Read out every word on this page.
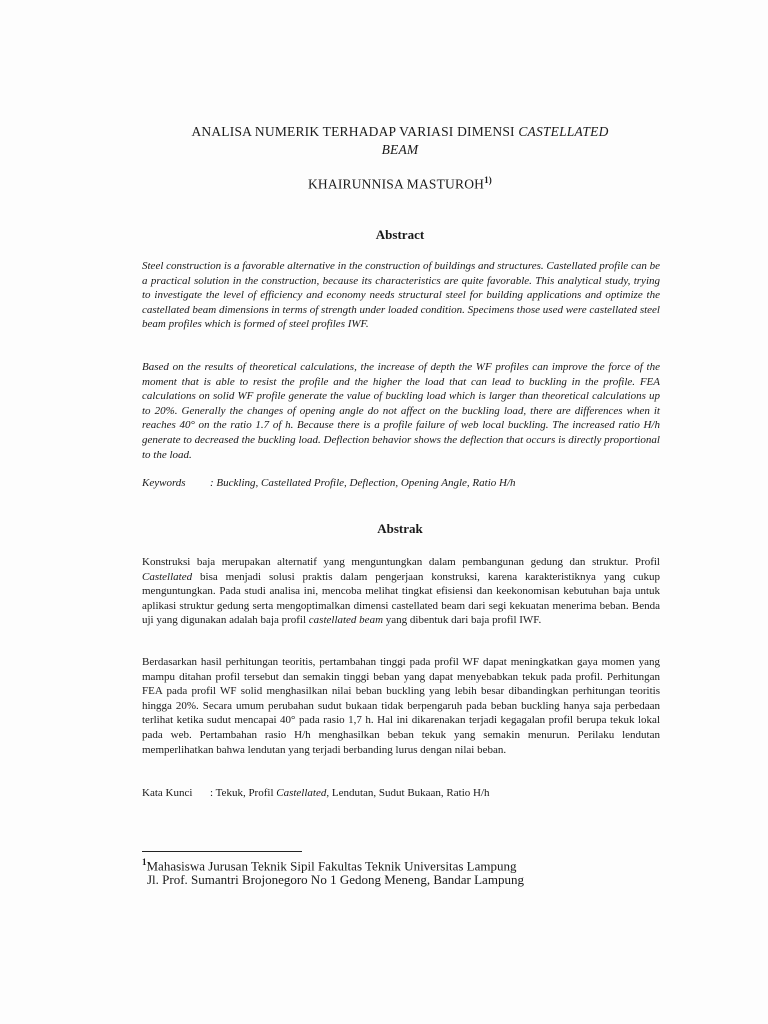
ANALISA NUMERIK TERHADAP VARIASI DIMENSI CASTELLATED
BEAM
KHAIRUNNISA MASTUROH$^{1)}$
Abstract
Steel construction is a favorable alternative in the construction of buildings and structures. Castellated profile can be a practical solution in the construction, because its characteristics are quite favorable. This analytical study, trying to investigate the level of efficiency and economy needs structural steel for building applications and optimize the castellated beam dimensions in terms of strength under loaded condition. Specimens those used were castellated steel beam profiles which is formed of steel profiles IWF.
Based on the results of theoretical calculations, the increase of depth the WF profiles can improve the force of the moment that is able to resist the profile and the higher the load that can lead to buckling in the profile. FEA calculations on solid WF profile generate the value of buckling load which is larger than theoretical calculations up to 20%. Generally the changes of opening angle do not affect on the buckling load, there are differences when it reaches 40° on the ratio 1.7 of h. Because there is a profile failure of web local buckling. The increased ratio H/h generate to decreased the buckling load. Deflection behavior shows the deflection that occurs is directly proportional to the load.
Keywords : Buckling, Castellated Profile, Deflection, Opening Angle, Ratio H/h
Abstrak
Konstruksi baja merupakan alternatif yang menguntungkan dalam pembangunan gedung dan struktur. Profil Castellated bisa menjadi solusi praktis dalam pengerjaan konstruksi, karena karakteristiknya yang cukup menguntungkan. Pada studi analisa ini, mencoba melihat tingkat efisiensi dan keekonomisan kebutuhan baja untuk aplikasi struktur gedung serta mengoptimalkan dimensi castellated beam dari segi kekuatan menerima beban. Benda uji yang digunakan adalah baja profil castellated beam yang dibentuk dari baja profil IWF.
Berdasarkan hasil perhitungan teoritis, pertambahan tinggi pada profil WF dapat meningkatkan gaya momen yang mampu ditahan profil tersebut dan semakin tinggi beban yang dapat menyebabkan tekuk pada profil. Perhitungan FEA pada profil WF solid menghasilkan nilai beban buckling yang lebih besar dibandingkan perhitungan teoritis hingga 20%. Secara umum perubahan sudut bukaan tidak berpengaruh pada beban buckling hanya saja perbedaan terlihat ketika sudut mencapai 40° pada rasio 1,7 h. Hal ini dikarenakan terjadi kegagalan profil berupa tekuk lokal pada web. Pertambahan rasio H/h menghasilkan beban tekuk yang semakin menurun. Perilaku lendutan memperlihatkan bahwa lendutan yang terjadi berbanding lurus dengan nilai beban.
Kata Kunci : Tekuk, Profil Castellated, Lendutan, Sudut Bukaan, Ratio H/h
$^1$Mahasiswa Jurusan Teknik Sipil Fakultas Teknik Universitas Lampung
Jl. Prof. Sumantri Brojonegoro No 1 Gedong Meneng, Bandar Lampung
